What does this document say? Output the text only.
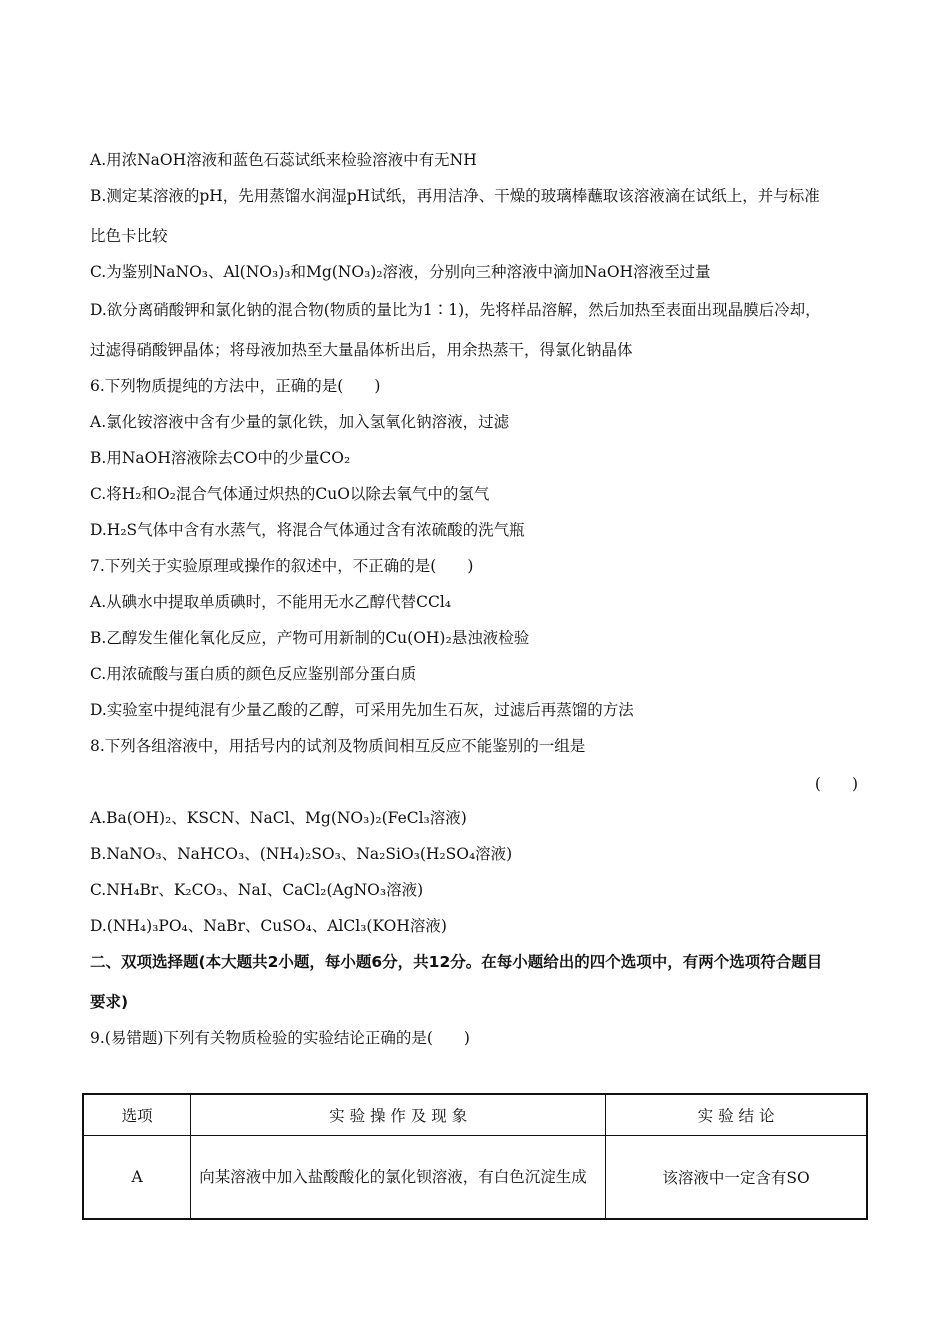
A.用浓NaOH溶液和蓝色石蕊试纸来检验溶液中有无NH
B.测定某溶液的pH，先用蒸馏水润湿pH试纸，再用洁净、干燥的玻璃棒蘸取该溶液滴在试纸上，并与标准
比色卡比较
C.为鉴别NaNO₃、Al(NO₃)₃和Mg(NO₃)₂溶液，分别向三种溶液中滴加NaOH溶液至过量
D.欲分离硝酸钾和氯化钠的混合物(物质的量比为1∶1)，先将样品溶解，然后加热至表面出现晶膜后冷却，
过滤得硝酸钾晶体；将母液加热至大量晶体析出后，用余热蒸干，得氯化钠晶体
6.下列物质提纯的方法中，正确的是(　　)
A.氯化铵溶液中含有少量的氯化铁，加入氢氧化钠溶液，过滤
B.用NaOH溶液除去CO中的少量CO₂
C.将H₂和O₂混合气体通过炽热的CuO以除去氧气中的氢气
D.H₂S气体中含有水蒸气，将混合气体通过含有浓硫酸的洗气瓶
7.下列关于实验原理或操作的叙述中，不正确的是(　　)
A.从碘水中提取单质碘时，不能用无水乙醇代替CCl₄
B.乙醇发生催化氧化反应，产物可用新制的Cu(OH)₂悬浊液检验
C.用浓硫酸与蛋白质的颜色反应鉴别部分蛋白质
D.实验室中提纯混有少量乙酸的乙醇，可采用先加生石灰，过滤后再蒸馏的方法
8.下列各组溶液中，用括号内的试剂及物质间相互反应不能鉴别的一组是
(　　)
A.Ba(OH)₂、KSCN、NaCl、Mg(NO₃)₂(FeCl₃溶液)
B.NaNO₃、NaHCO₃、(NH₄)₂SO₃、Na₂SiO₃(H₂SO₄溶液)
C.NH₄Br、K₂CO₃、NaI、CaCl₂(AgNO₃溶液)
D.(NH₄)₃PO₄、NaBr、CuSO₄、AlCl₃(KOH溶液)
二、双项选择题(本大题共2小题，每小题6分，共12分。在每小题给出的四个选项中，有两个选项符合题目
要求)
9.(易错题)下列有关物质检验的实验结论正确的是(　　)
选项	实 验 操 作 及 现 象	实 验 结 论
A	向某溶液中加入盐酸酸化的氯化钡溶液，有白色沉淀生成	该溶液中一定含有SO
